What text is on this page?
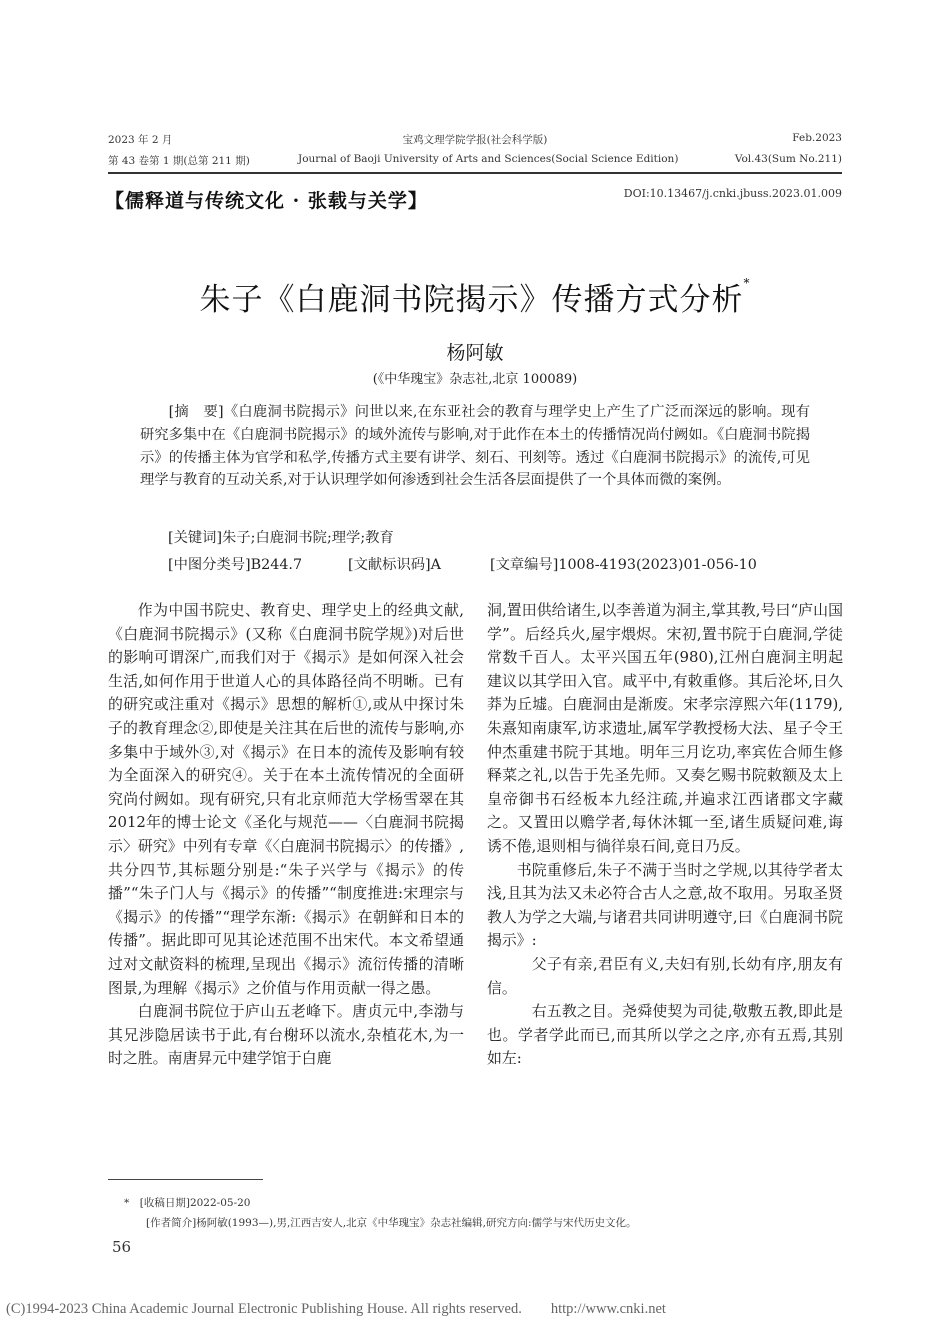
2023 年 2 月	宝鸡文理学院学报(社会科学版)	Feb.2023
第 43 卷第 1 期(总第 211 期)	Journal of Baoji University of Arts and Sciences(Social Science Edition)	Vol.43(Sum No.211)
【儒释道与传统文化 · 张载与关学】	DOI:10.13467/j.cnki.jbuss.2023.01.009
朱子《白鹿洞书院揭示》传播方式分析*
杨阿敏
(《中华瑰宝》杂志社,北京 100089)
[摘　要]《白鹿洞书院揭示》问世以来,在东亚社会的教育与理学史上产生了广泛而深远的影响。现有研究多集中在《白鹿洞书院揭示》的域外流传与影响,对于此作在本土的传播情况尚付阙如。《白鹿洞书院揭示》的传播主体为官学和私学,传播方式主要有讲学、刻石、刊刻等。透过《白鹿洞书院揭示》的流传,可见理学与教育的互动关系,对于认识理学如何渗透到社会生活各层面提供了一个具体而微的案例。
[关键词]朱子;白鹿洞书院;理学;教育
[中图分类号]B244.7	[文献标识码]A	[文章编号]1008-4193(2023)01-056-10

作为中国书院史、教育史、理学史上的经典文献,《白鹿洞书院揭示》(又称《白鹿洞书院学规》)对后世的影响可谓深广,而我们对于《揭示》是如何深入社会生活,如何作用于世道人心的具体路径尚不明晰。已有的研究或注重对《揭示》思想的解析①,或从中探讨朱子的教育理念②,即使是关注其在后世的流传与影响,亦多集中于域外③,对《揭示》在日本的流传及影响有较为全面深入的研究④。关于在本土流传情况的全面研究尚付阙如。现有研究,只有北京师范大学杨雪翠在其2012年的博士论文《圣化与规范——〈白鹿洞书院揭示〉研究》中列有专章《〈白鹿洞书院揭示〉的传播》,共分四节,其标题分别是:“朱子兴学与《揭示》的传播”“朱子门人与《揭示》的传播”“制度推进:宋理宗与《揭示》的传播”“理学东渐:《揭示》在朝鲜和日本的传播”。据此即可见其论述范围不出宋代。本文希望通过对文献资料的梳理,呈现出《揭示》流衍传播的清晰图景,为理解《揭示》之价值与作用贡献一得之愚。

白鹿洞书院位于庐山五老峰下。唐贞元中,李渤与其兄涉隐居读书于此,有台榭环以流水,杂植花木,为一时之胜。南唐昇元中建学馆于白鹿

洞,置田供给诸生,以李善道为洞主,掌其教,号曰“庐山国学”。后经兵火,屋宇煨烬。宋初,置书院于白鹿洞,学徒常数千百人。太平兴国五年(980),江州白鹿洞主明起建议以其学田入官。咸平中,有敕重修。其后沦坏,日久莽为丘墟。白鹿洞由是渐废。宋孝宗淳熙六年(1179),朱熹知南康军,访求遗址,属军学教授杨大法、星子令王仲杰重建书院于其地。明年三月讫功,率宾佐合师生修释菜之礼,以告于先圣先师。又奏乞赐书院敕额及太上皇帝御书石经板本九经注疏,并遍求江西诸郡文字藏之。又置田以赡学者,每休沐辄一至,诸生质疑问难,诲诱不倦,退则相与徜徉泉石间,竟日乃反。

书院重修后,朱子不满于当时之学规,以其待学者太浅,且其为法又未必符合古人之意,故不取用。另取圣贤教人为学之大端,与诸君共同讲明遵守,曰《白鹿洞书院揭示》:

父子有亲,君臣有义,夫妇有别,长幼有序,朋友有信。

右五教之目。尧舜使契为司徒,敬敷五教,即此是也。学者学此而已,而其所以学之之序,亦有五焉,其别如左:

*　[收稿日期]2022-05-20
[作者简介]杨阿敏(1993—),男,江西吉安人,北京《中华瑰宝》杂志社编辑,研究方向:儒学与宋代历史文化。
56
(C)1994-2023 China Academic Journal Electronic Publishing House. All rights reserved.　　http://www.cnki.net
